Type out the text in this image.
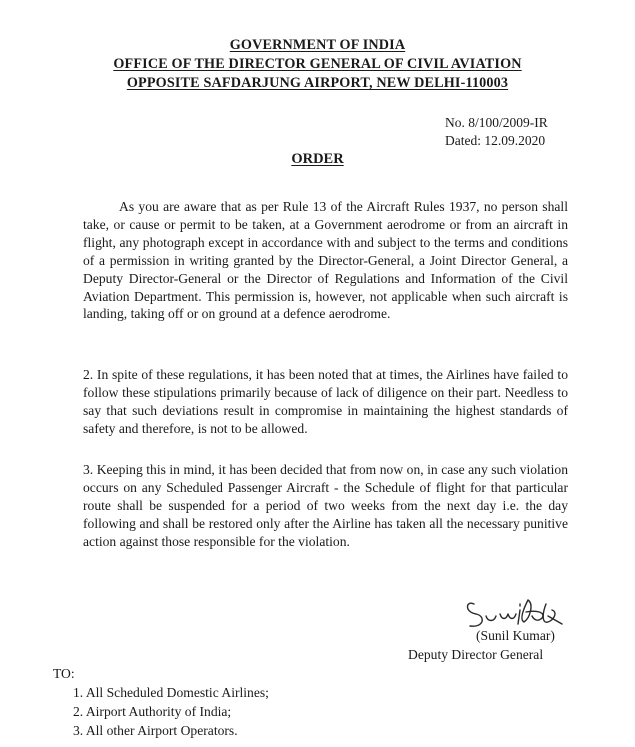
GOVERNMENT OF INDIA
OFFICE OF THE DIRECTOR GENERAL OF CIVIL AVIATION
OPPOSITE SAFDARJUNG AIRPORT, NEW DELHI-110003
No. 8/100/2009-IR
Dated: 12.09.2020
ORDER
As you are aware that as per Rule 13 of the Aircraft Rules 1937, no person shall take, or cause or permit to be taken, at a Government aerodrome or from an aircraft in flight, any photograph except in accordance with and subject to the terms and conditions of a permission in writing granted by the Director-General, a Joint Director General, a Deputy Director-General or the Director of Regulations and Information of the Civil Aviation Department. This permission is, however, not applicable when such aircraft is landing, taking off or on ground at a defence aerodrome.
2. In spite of these regulations, it has been noted that at times, the Airlines have failed to follow these stipulations primarily because of lack of diligence on their part. Needless to say that such deviations result in compromise in maintaining the highest standards of safety and therefore, is not to be allowed.
3. Keeping this in mind, it has been decided that from now on, in case any such violation occurs on any Scheduled Passenger Aircraft - the Schedule of flight for that particular route shall be suspended for a period of two weeks from the next day i.e. the day following and shall be restored only after the Airline has taken all the necessary punitive action against those responsible for the violation.
(Sunil Kumar)
Deputy Director General
TO:
1. All Scheduled Domestic Airlines;
2. Airport Authority of India;
3. All other Airport Operators.
